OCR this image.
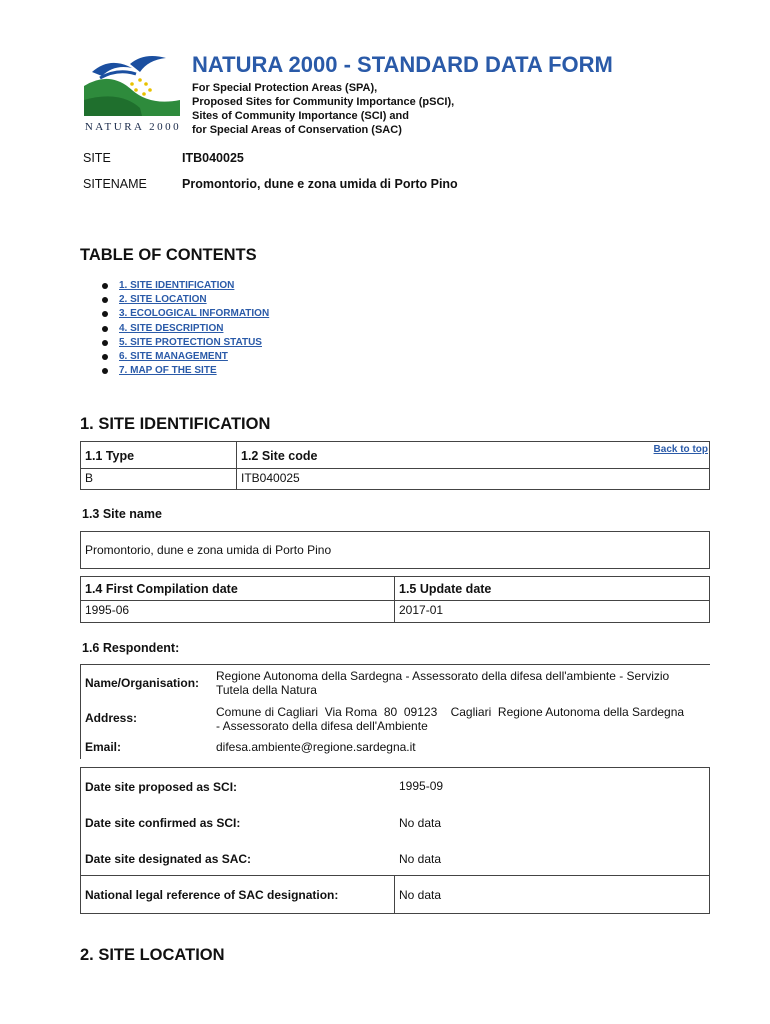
NATURA 2000
NATURA 2000 - STANDARD DATA FORM
For Special Protection Areas (SPA),
Proposed Sites for Community Importance (pSCI),
Sites of Community Importance (SCI) and
for Special Areas of Conservation (SAC)
SITE	ITB040025
SITENAME	Promontorio, dune e zona umida di Porto Pino
TABLE OF CONTENTS
1. SITE IDENTIFICATION
2. SITE LOCATION
3. ECOLOGICAL INFORMATION
4. SITE DESCRIPTION
5. SITE PROTECTION STATUS
6. SITE MANAGEMENT
7. MAP OF THE SITE
1. SITE IDENTIFICATION
1.1 Type	1.2 Site code
B	ITB040025
Back to top
1.3 Site name
Promontorio, dune e zona umida di Porto Pino
1.4 First Compilation date	1.5 Update date
1995-06	2017-01
1.6 Respondent:
Name/Organisation: Regione Autonoma della Sardegna - Assessorato della difesa dell'ambiente - Servizio Tutela della Natura
Address:	Comune di Cagliari  Via Roma  80  09123    Cagliari  Regione Autonoma della Sardegna - Assessorato della difesa dell'Ambiente
Email:	difesa.ambiente@regione.sardegna.it
Date site proposed as SCI:	1995-09
Date site confirmed as SCI:	No data
Date site designated as SAC:	No data
National legal reference of SAC designation:	No data
2. SITE LOCATION
